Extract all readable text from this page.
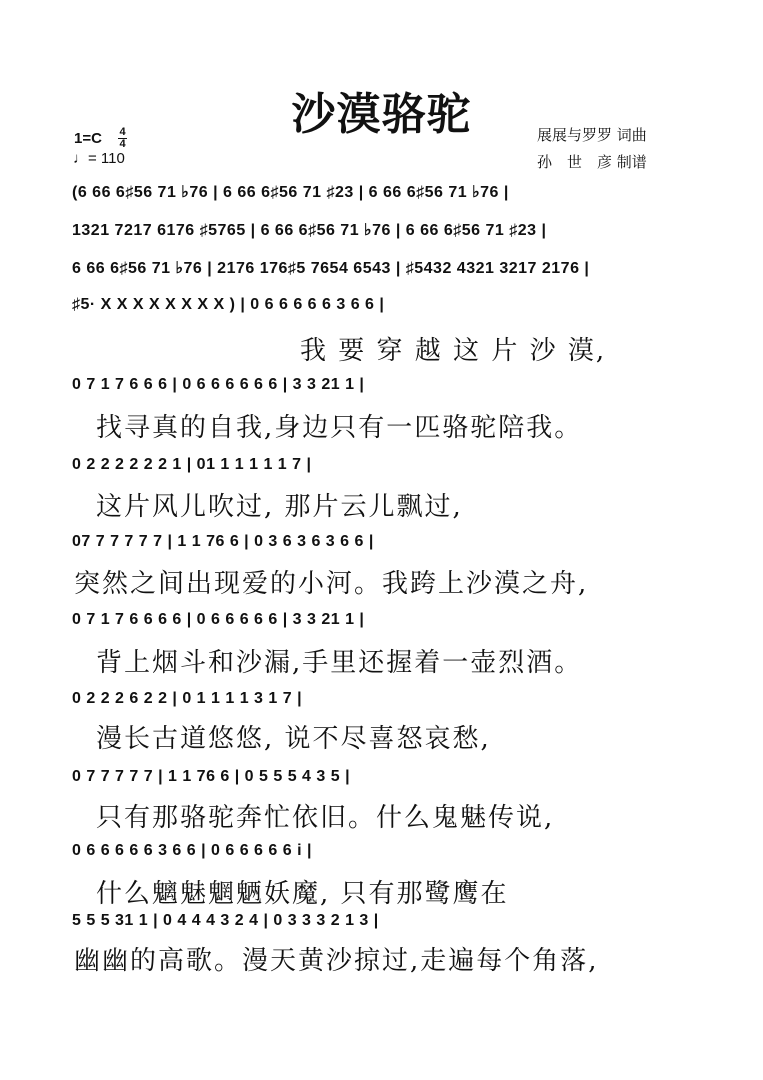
沙漠骆驼	展展与罗罗 词曲
孙　世　彦 制谱
1=C 4
4
♩= 110
(6 66 6♯56 71 ♭76 | 6 66 6♯56 71 ♯23 | 6 66 6♯56 71 ♭76 |
1321 7217 6176 ♯5765 | 6 66 6♯56 71 ♭76 | 6 66 6♯56 71 ♯23 |
6 66 6♯56 71 ♭76 | 2176 176♯5 7654 6543 | ♯5432 4321 3217 2176 |
♯5· X X X X X X X X ) | 0 6 6 6 6 6 3 6 6 |
我 要 穿 越 这 片 沙 漠,
0 7 1 7 6 6 6 | 0 6 6 6 6 6 6 | 3 3 21 1 |
找寻真的自我,身边只有一匹骆驼陪我。
0 2 2 2 2 2 2 1 | 01 1 1 1 1 1 7 |
这片风儿吹过, 那片云儿飘过,
07 7 7 7 7 7 | 1 1 76 6 | 0 3 6 3 6 3 6 6 |
突然之间出现爱的小河。我跨上沙漠之舟,
0 7 1 7 6 6 6 6 | 0 6 6 6 6 6 | 3 3 21 1 |
背上烟斗和沙漏,手里还握着一壶烈酒。
0 2 2 2 6 2 2 | 0 1 1 1 1 3 1 7 |
漫长古道悠悠, 说不尽喜怒哀愁,
0 7 7 7 7 7 | 1 1 76 6 | 0 5 5 5 4 3 5 |
只有那骆驼奔忙依旧。什么鬼魅传说,
0 6 6 6 6 6 3 6 6 | 0 6 6 6 6 6 i |
什么魑魅魍魉妖魔, 只有那鹭鹰在
5 5 5 31 1 | 0 4 4 4 3 2 4 | 0 3 3 3 2 1 3 |
幽幽的高歌。漫天黄沙掠过,走遍每个角落,
